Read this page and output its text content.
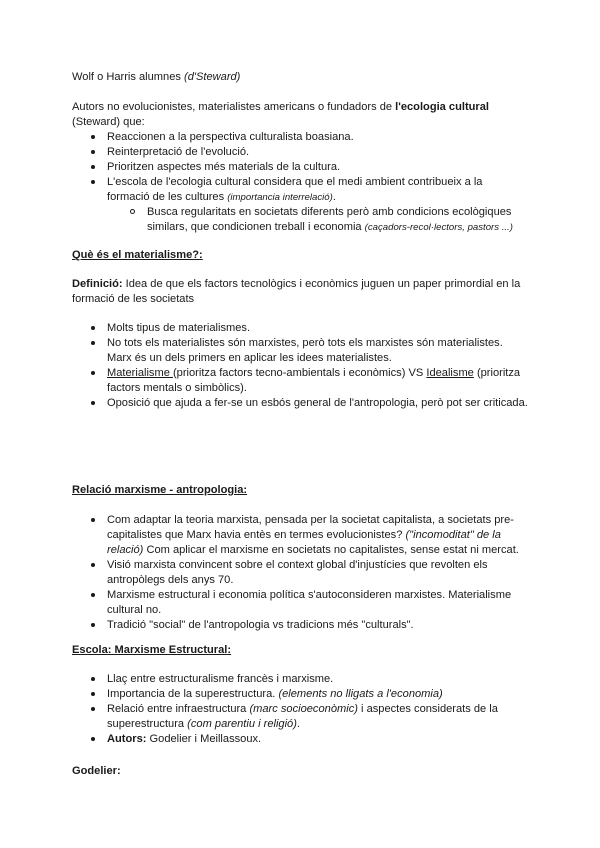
Wolf o Harris alumnes (d'Steward)

Autors no evolucionistes, materialistes americans o fundadors de l'ecologia cultural (Steward) que:

Reaccionen a la perspectiva culturalista boasiana.
Reinterpretació de l'evolució.
Prioritzen aspectes més materials de la cultura.
L'escola de l'ecologia cultural considera que el medi ambient contribueix a la formació de les cultures (importancia interrelació).
Busca regularitats en societats diferents però amb condicions ecològiques similars, que condicionen treball i economia (caçadors-recol·lectors, pastors ...)

Què és el materialisme?:

Definició: Idea de que els factors tecnològics i econòmics juguen un paper primordial en la formació de les societats

Molts tipus de materialismes.
No tots els materialistes són marxistes, però tots els marxistes són materialistes. Marx és un dels primers en aplicar les idees materialistes.
Materialisme (prioritza factors tecno-ambientals i econòmics) VS Idealisme (prioritza factors mentals o simbòlics).
Oposició que ajuda a fer-se un esbós general de l'antropologia, però pot ser criticada.

Relació marxisme - antropologia:

Com adaptar la teoria marxista, pensada per la societat capitalista, a societats pre-capitalistes que Marx havia entès en termes evolucionistes? ("incomoditat" de la relació) Com aplicar el marxisme en societats no capitalistes, sense estat ni mercat.
Visió marxista convincent sobre el context global d'injustícies que revolten els antropòlegs dels anys 70.
Marxisme estructural i economia política s'autoconsideren marxistes. Materialisme cultural no.
Tradició "social" de l'antropologia vs tradicions més "culturals".

Escola: Marxisme Estructural:

Llaç entre estructuralisme francès i marxisme.
Importancia de la superestructura. (elements no lligats a l'economia)
Relació entre infraestructura (marc socioeconòmic) i aspectes considerats de la superestructura (com parentiu i religió).
Autors: Godelier i Meillassoux.

Godelier:
